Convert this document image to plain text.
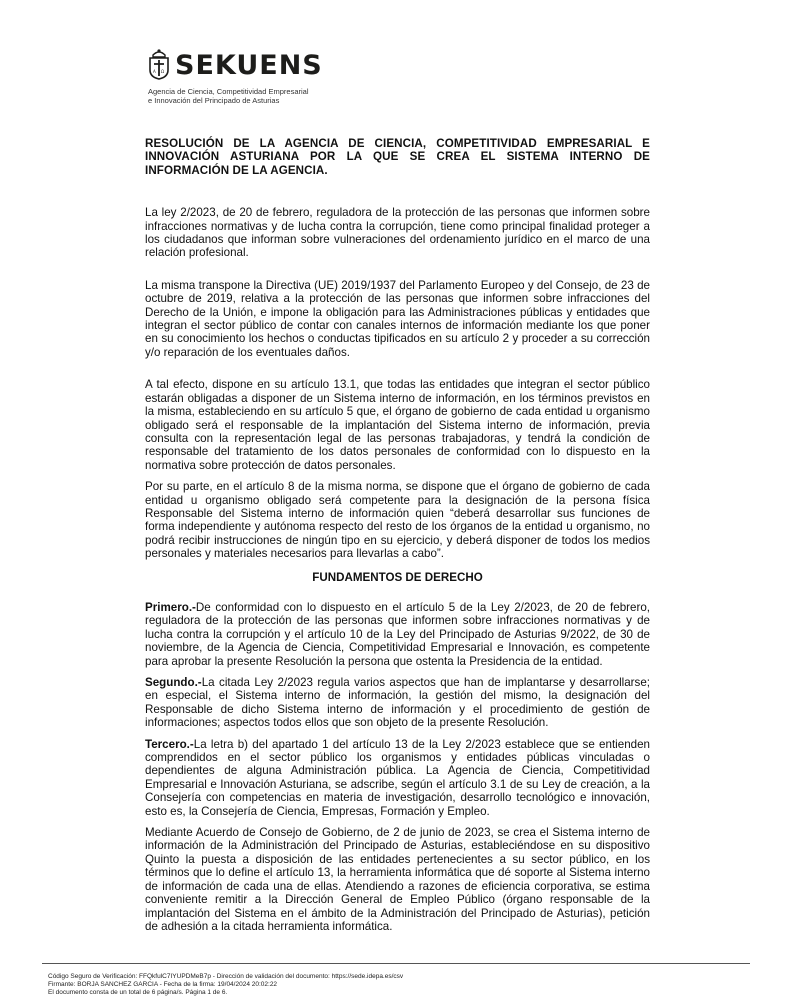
A Ω SEKUENS
Agencia de Ciencia, Competitividad Empresarial
e Innovación del Principado de Asturias
RESOLUCIÓN DE LA AGENCIA DE CIENCIA, COMPETITIVIDAD EMPRESARIAL E INNOVACIÓN ASTURIANA POR LA QUE SE CREA EL SISTEMA INTERNO DE INFORMACIÓN DE LA AGENCIA.
La ley 2/2023, de 20 de febrero, reguladora de la protección de las personas que informen sobre infracciones normativas y de lucha contra la corrupción, tiene como principal finalidad proteger a los ciudadanos que informan sobre vulneraciones del ordenamiento jurídico en el marco de una relación profesional.
La misma transpone la Directiva (UE) 2019/1937 del Parlamento Europeo y del Consejo, de 23 de octubre de 2019, relativa a la protección de las personas que informen sobre infracciones del Derecho de la Unión, e impone la obligación para las Administraciones públicas y entidades que integran el sector público de contar con canales internos de información mediante los que poner en su conocimiento los hechos o conductas tipificados en su artículo 2 y proceder a su corrección y/o reparación de los eventuales daños.
A tal efecto, dispone en su artículo 13.1, que todas las entidades que integran el sector público estarán obligadas a disponer de un Sistema interno de información, en los términos previstos en la misma, estableciendo en su artículo 5 que, el órgano de gobierno de cada entidad u organismo obligado será el responsable de la implantación del Sistema interno de información, previa consulta con la representación legal de las personas trabajadoras, y tendrá la condición de responsable del tratamiento de los datos personales de conformidad con lo dispuesto en la normativa sobre protección de datos personales.
Por su parte, en el artículo 8 de la misma norma, se dispone que el órgano de gobierno de cada entidad u organismo obligado será competente para la designación de la persona física Responsable del Sistema interno de información quien “deberá desarrollar sus funciones de forma independiente y autónoma respecto del resto de los órganos de la entidad u organismo, no podrá recibir instrucciones de ningún tipo en su ejercicio, y deberá disponer de todos los medios personales y materiales necesarios para llevarlas a cabo”.
FUNDAMENTOS DE DERECHO
Primero.-De conformidad con lo dispuesto en el artículo 5 de la Ley 2/2023, de 20 de febrero, reguladora de la protección de las personas que informen sobre infracciones normativas y de lucha contra la corrupción y el artículo 10 de la Ley del Principado de Asturias 9/2022, de 30 de noviembre, de la Agencia de Ciencia, Competitividad Empresarial e Innovación, es competente para aprobar la presente Resolución la persona que ostenta la Presidencia de la entidad.
Segundo.-La citada Ley 2/2023 regula varios aspectos que han de implantarse y desarrollarse; en especial, el Sistema interno de información, la gestión del mismo, la designación del Responsable de dicho Sistema interno de información y el procedimiento de gestión de informaciones; aspectos todos ellos que son objeto de la presente Resolución.
Tercero.-La letra b) del apartado 1 del artículo 13 de la Ley 2/2023 establece que se entienden comprendidos en el sector público los organismos y entidades públicas vinculadas o dependientes de alguna Administración pública. La Agencia de Ciencia, Competitividad Empresarial e Innovación Asturiana, se adscribe, según el artículo 3.1 de su Ley de creación, a la Consejería con competencias en materia de investigación, desarrollo tecnológico e innovación, esto es, la Consejería de Ciencia, Empresas, Formación y Empleo.
Mediante Acuerdo de Consejo de Gobierno, de 2 de junio de 2023, se crea el Sistema interno de información de la Administración del Principado de Asturias, estableciéndose en su dispositivo Quinto la puesta a disposición de las entidades pertenecientes a su sector público, en los términos que lo define el artículo 13, la herramienta informática que dé soporte al Sistema interno de información de cada una de ellas. Atendiendo a razones de eficiencia corporativa, se estima conveniente remitir a la Dirección General de Empleo Público (órgano responsable de la implantación del Sistema en el ámbito de la Administración del Principado de Asturias), petición de adhesión a la citada herramienta informática.
Código Seguro de Verificación: FFQkfulC7IYUPDMeB7p - Dirección de validación del documento: https://sede.idepa.es/csv
Firmante: BORJA SANCHEZ GARCIA - Fecha de la firma: 19/04/2024 20:02:22
El documento consta de un total de 6 página/s. Página 1 de 6.
